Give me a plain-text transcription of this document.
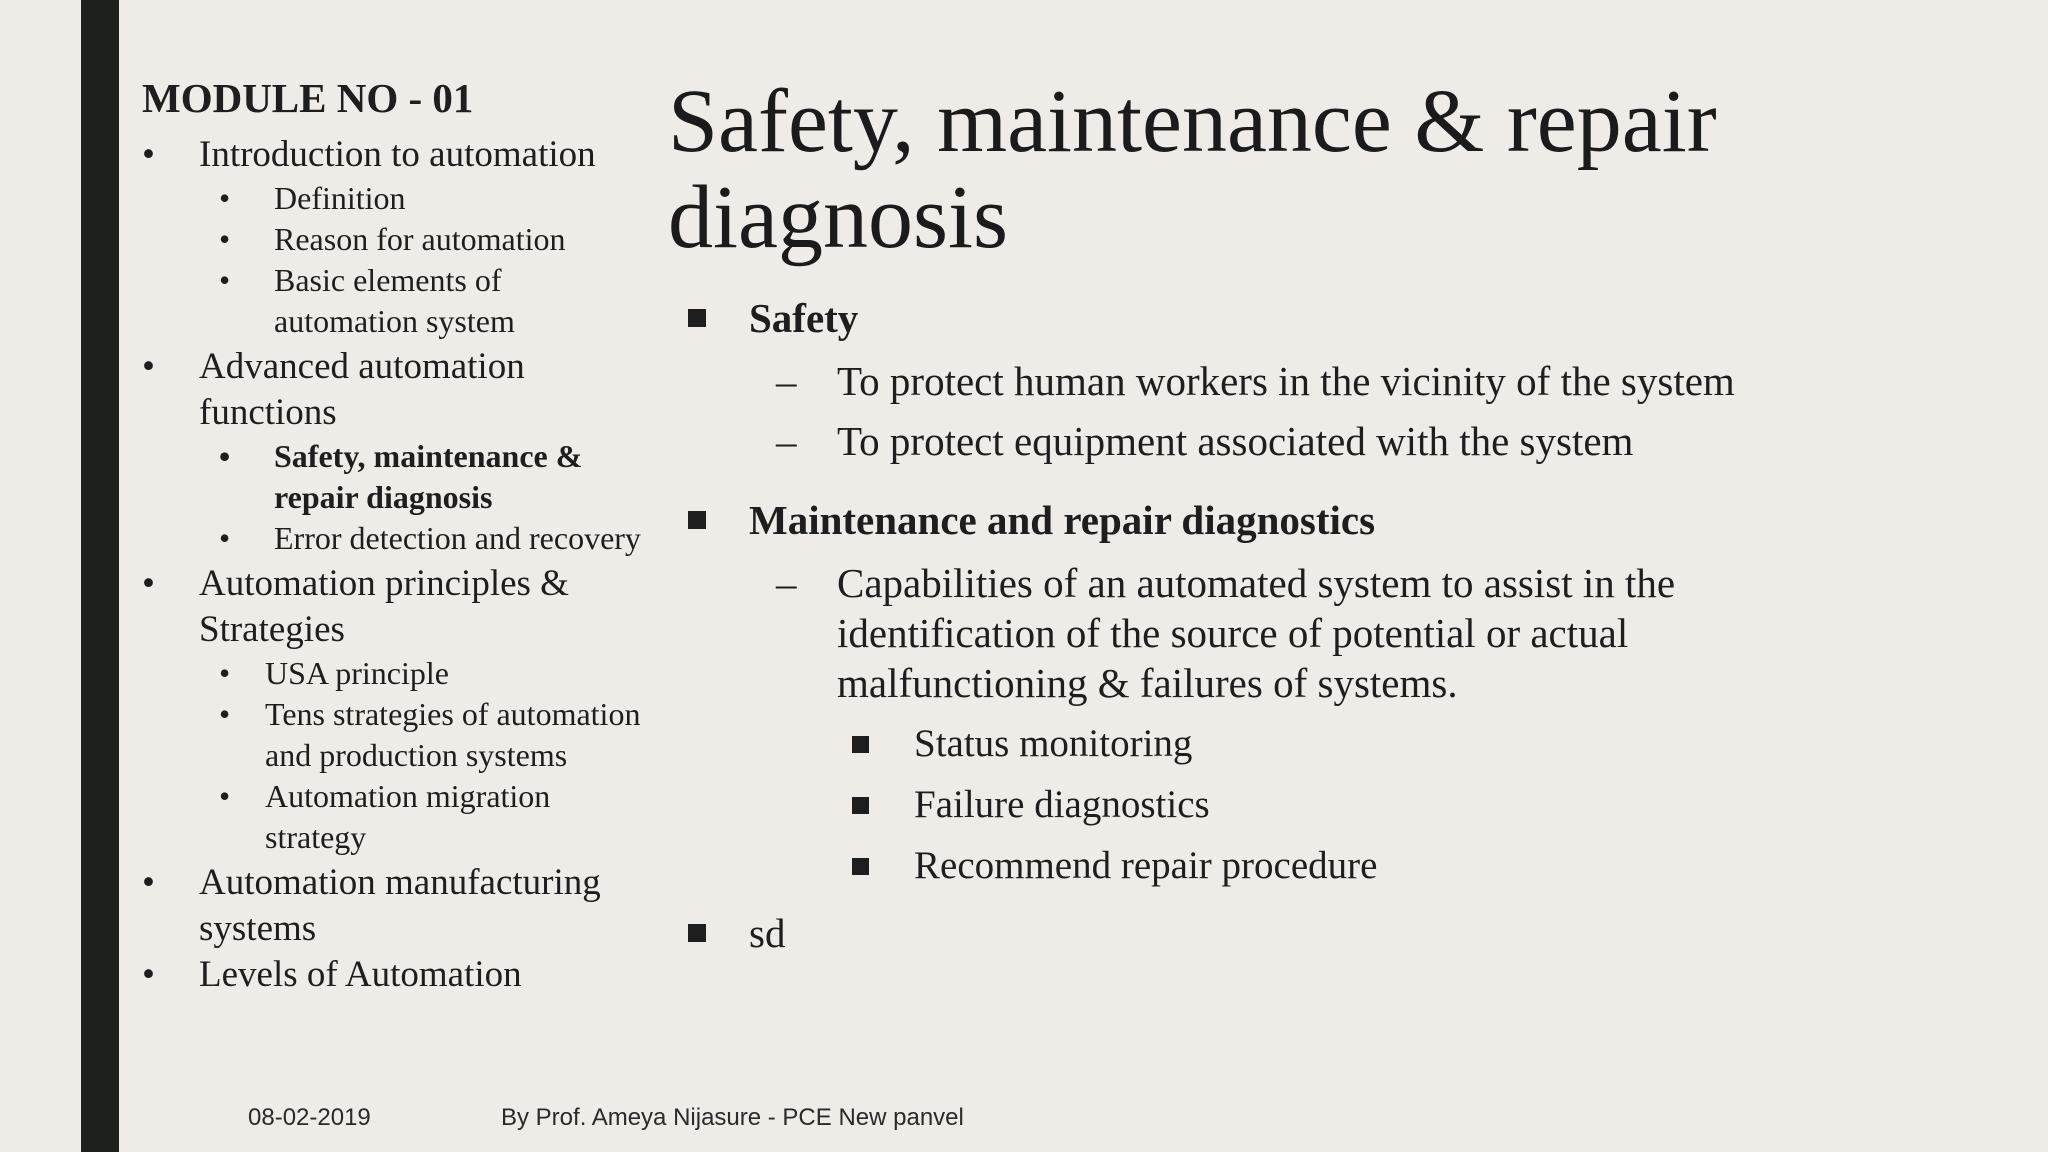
MODULE NO - 01
• Introduction to automation
• Definition
• Reason for automation
• Basic elements of automation system
• Advanced automation functions
• Safety, maintenance & repair diagnosis
• Error detection and recovery
• Automation principles & Strategies
• USA principle
• Tens strategies of automation and production systems
• Automation migration strategy
• Automation manufacturing systems
• Levels of Automation
Safety, maintenance & repair diagnosis
Safety
– To protect human workers in the vicinity of the system
– To protect equipment associated with the system
Maintenance and repair diagnostics
– Capabilities of an automated system to assist in the identification of the source of potential or actual malfunctioning & failures of systems.
Status monitoring
Failure diagnostics
Recommend repair procedure
sd
08-02-2019	By Prof. Ameya Nijasure - PCE New panvel
